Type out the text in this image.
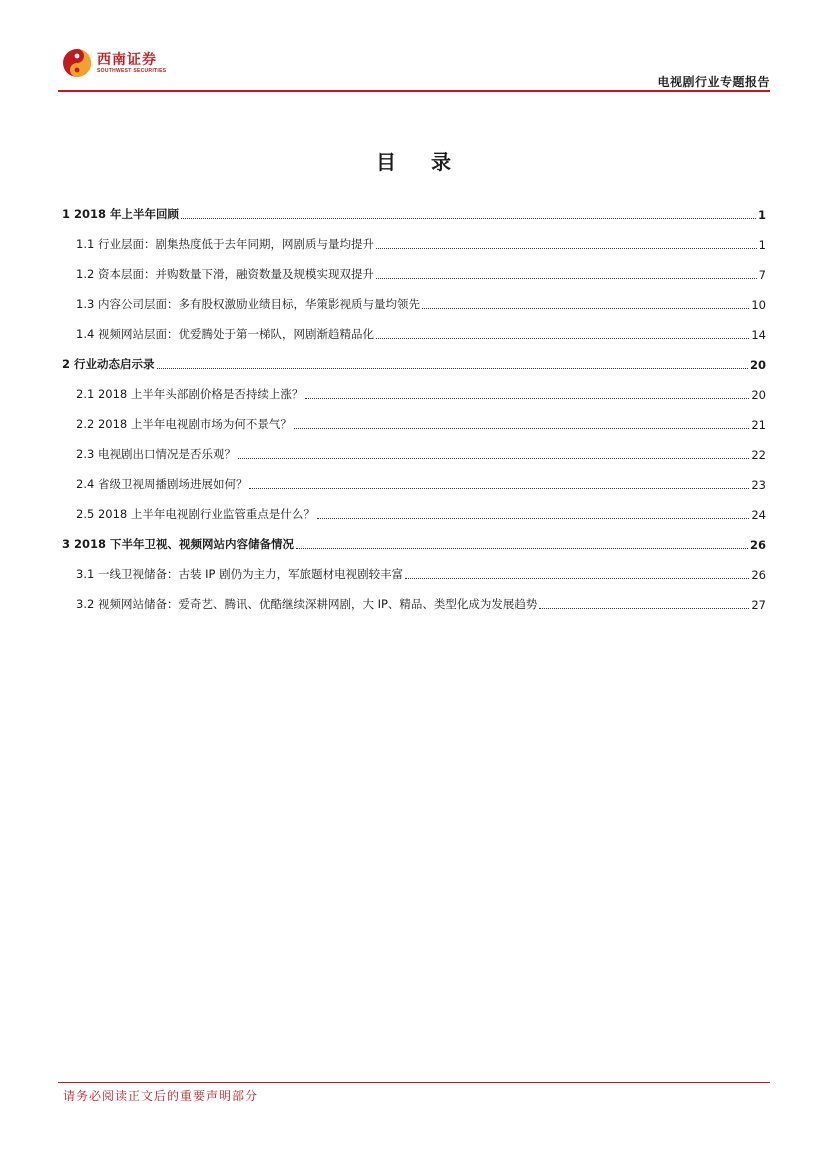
西南证券
SOUTHWEST SECURITIES
电视剧行业专题报告
目 录
1 2018 年上半年回顾	1
1.1 行业层面：剧集热度低于去年同期，网剧质与量均提升	1
1.2 资本层面：并购数量下滑，融资数量及规模实现双提升	7
1.3 内容公司层面：多有股权激励业绩目标，华策影视质与量均领先	10
1.4 视频网站层面：优爱腾处于第一梯队，网剧渐趋精品化	14
2 行业动态启示录	20
2.1 2018 上半年头部剧价格是否持续上涨？	20
2.2 2018 上半年电视剧市场为何不景气？	21
2.3 电视剧出口情况是否乐观？	22
2.4 省级卫视周播剧场进展如何？	23
2.5 2018 上半年电视剧行业监管重点是什么？	24
3 2018 下半年卫视、视频网站内容储备情况	26
3.1 一线卫视储备：古装 IP 剧仍为主力，军旅题材电视剧较丰富	26
3.2 视频网站储备：爱奇艺、腾讯、优酷继续深耕网剧，大 IP、精品、类型化成为发展趋势	27
请务必阅读正文后的重要声明部分
